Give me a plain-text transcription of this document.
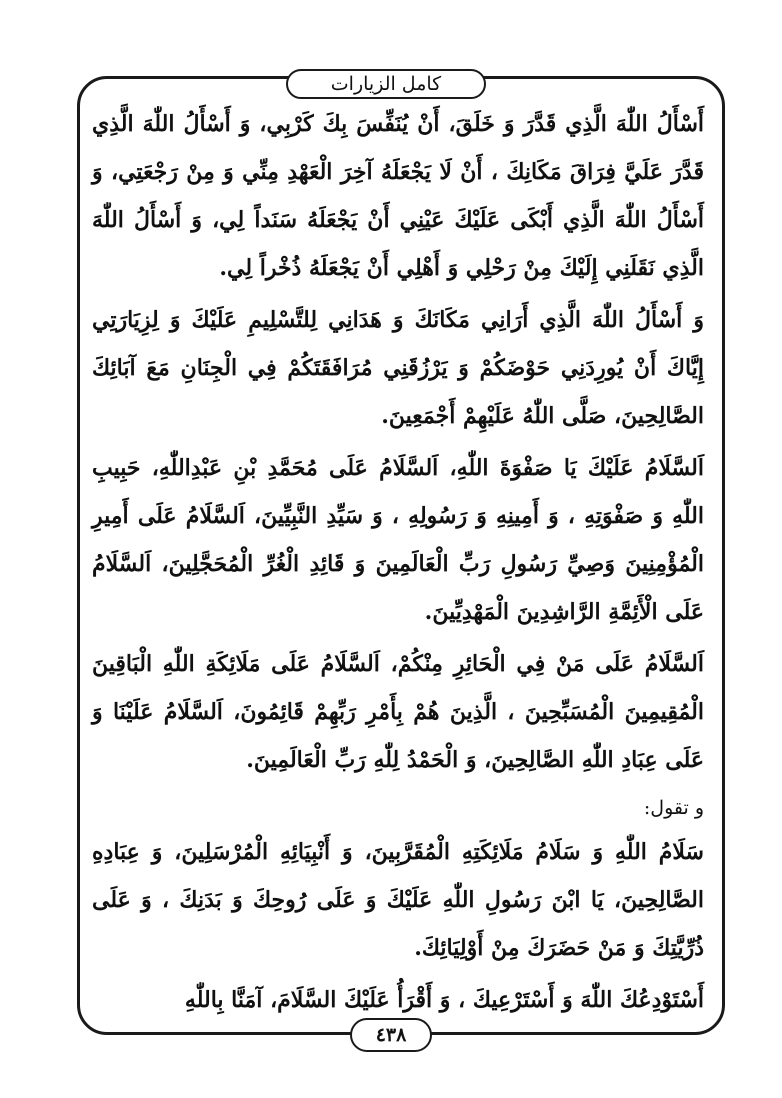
كامل الزيارات

أَسْأَلُ اللّٰهَ الَّذِي قَدَّرَ وَ خَلَقَ، أَنْ يُنَفِّسَ بِكَ كَرْبِي، وَ أَسْأَلُ اللّٰهَ الَّذِي قَدَّرَ عَلَيَّ فِرَاقَ مَكَانِكَ ، أَنْ لَا يَجْعَلَهُ آخِرَ الْعَهْدِ مِنِّي وَ مِنْ رَجْعَتِي، وَ أَسْأَلُ اللّٰهَ الَّذِي أَبْكَى عَلَيْكَ عَيْنِي أَنْ يَجْعَلَهُ سَنَداً لِي، وَ أَسْأَلُ اللّٰهَ الَّذِي نَقَلَنِي إِلَيْكَ مِنْ رَحْلِي وَ أَهْلِي أَنْ يَجْعَلَهُ ذُخْراً لِي.

وَ أَسْأَلُ اللّٰهَ الَّذِي أَرَانِي مَكَانَكَ وَ هَدَانِي لِلتَّسْلِيمِ عَلَيْكَ وَ لِزِيَارَتِي إِيَّاكَ أَنْ يُورِدَنِي حَوْضَكُمْ وَ يَرْزُقَنِي مُرَافَقَتَكُمْ فِي الْجِنَانِ مَعَ آبَائِكَ الصَّالِحِينَ، صَلَّى اللّٰهُ عَلَيْهِمْ أَجْمَعِينَ.

اَلسَّلَامُ عَلَيْكَ يَا صَفْوَةَ اللّٰهِ، اَلسَّلَامُ عَلَى مُحَمَّدِ بْنِ عَبْدِاللّٰهِ، حَبِيبِ اللّٰهِ وَ صَفْوَتِهِ ، وَ أَمِينِهِ وَ رَسُولِهِ ، وَ سَيِّدِ النَّبِيِّينَ، اَلسَّلَامُ عَلَى أَمِيرِ الْمُؤْمِنِينَ وَصِيِّ رَسُولِ رَبِّ الْعَالَمِينَ وَ قَائِدِ الْغُرِّ الْمُحَجَّلِينَ، اَلسَّلَامُ عَلَى الْأَئِمَّةِ الرَّاشِدِينَ الْمَهْدِيِّينَ.

اَلسَّلَامُ عَلَى مَنْ فِي الْحَائِرِ مِنْكُمْ، اَلسَّلَامُ عَلَى مَلَائِكَةِ اللّٰهِ الْبَاقِينَ الْمُقِيمِينَ الْمُسَبِّحِينَ ، الَّذِينَ هُمْ بِأَمْرِ رَبِّهِمْ قَائِمُونَ، اَلسَّلَامُ عَلَيْنَا وَ عَلَى عِبَادِ اللّٰهِ الصَّالِحِينَ، وَ الْحَمْدُ لِلّٰهِ رَبِّ الْعَالَمِينَ.

و تقول:

سَلَامُ اللّٰهِ وَ سَلَامُ مَلَائِكَتِهِ الْمُقَرَّبِينَ، وَ أَنْبِيَائِهِ الْمُرْسَلِينَ، وَ عِبَادِهِ الصَّالِحِينَ، يَا ابْنَ رَسُولِ اللّٰهِ عَلَيْكَ وَ عَلَى رُوحِكَ وَ بَدَنِكَ ، وَ عَلَى ذُرِّيَّتِكَ وَ مَنْ حَضَرَكَ مِنْ أَوْلِيَائِكَ.

أَسْتَوْدِعُكَ اللّٰهَ وَ أَسْتَرْعِيكَ ، وَ أَقْرَأُ عَلَيْكَ السَّلَامَ، آمَنَّا بِاللّٰهِ

٤٣٨
